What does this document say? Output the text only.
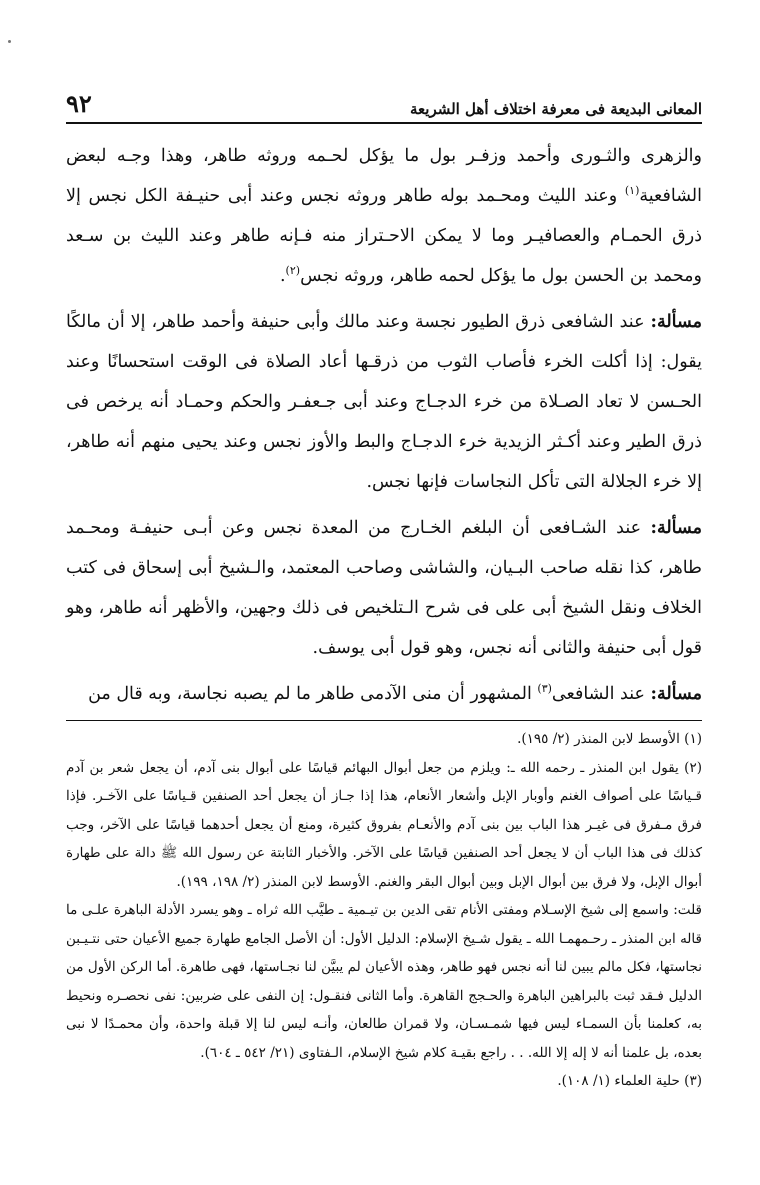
المعانى البديعة فى معرفة اختلاف أهل الشريعة
٩٢

والزهرى والثـورى وأحمد وزفـر بول ما يؤكل لحـمه وروثه طاهر، وهذا وجـه لبعض الشافعية$^{(١)}$ وعند الليث ومحـمد بوله طاهر وروثه نجس وعند أبى حنيـفة الكل نجس إلا ذرق الحمـام والعصافيـر وما لا يمكن الاحـتراز منه فـإنه طاهر وعند الليث بن سـعد ومحمد بن الحسن بول ما يؤكل لحمه طاهر، وروثه نجس$^{(٢)}$.

مسألة: عند الشافعى ذرق الطيور نجسة وعند مالك وأبى حنيفة وأحمد طاهر، إلا أن مالكًا يقول: إذا أكلت الخرء فأصاب الثوب من ذرقـها أعاد الصلاة فى الوقت استحسانًا وعند الحـسن لا تعاد الصـلاة من خرء الدجـاج وعند أبى جـعفـر والحكم وحمـاد أنه يرخص فى ذرق الطير وعند أكـثر الزيدية خرء الدجـاج والبط والأوز نجس وعند يحيى منهم أنه طاهر، إلا خرء الجلالة التى تأكل النجاسات فإنها نجس.

مسألة: عند الشـافعى أن البلغم الخـارج من المعدة نجس وعن أبـى حنيفـة ومحـمد طاهر، كذا نقله صاحب البـيان، والشاشى وصاحب المعتمد، والـشيخ أبى إسحاق فى كتب الخلاف ونقل الشيخ أبى على فى شرح الـتلخيص فى ذلك وجهين، والأظهر أنه طاهر، وهو قول أبى حنيفة والثانى أنه نجس، وهو قول أبى يوسف.

مسألة: عند الشافعى$^{(٣)}$ المشهور أن منى الآدمى طاهر ما لم يصبه نجاسة، وبه قال من

(١) الأوسط لابن المنذر (٢/ ١٩٥).

(٢) يقول ابن المنذر ـ رحمه الله ـ: ويلزم من جعل أبوال البهائم قياسًا على أبوال بنى آدم، أن يجعل شعر بن آدم قـياسًا على أصواف الغنم وأوبار الإبل وأشعار الأنعام، هذا إذا جـاز أن يجعل أحد الصنفين قـياسًا على الآخـر. فإذا فرق مـفرق فى غيـر هذا الباب بين بنى آدم والأنعـام بفروق كثيرة، ومنع أن يجعل أحدهما قياسًا على الآخر، وجب كذلك فى هذا الباب أن لا يجعل أحد الصنفين قياسًا على الآخر. والأخبار الثابتة عن رسول الله ﷺ دالة على طهارة أبوال الإبل، ولا فرق بين أبوال الإبل وبين أبوال البقر والغنم. الأوسط لابن المنذر (٢/ ١٩٨، ١٩٩).

قلت: واسمع إلى شيخ الإسـلام ومفتى الأنام تقى الدين بن تيـمية ـ طيَّب الله ثراه ـ وهو يسرد الأدلة الباهرة علـى ما قاله ابن المنذر ـ رحـمهمـا الله ـ يقول شـيخ الإسلام: الدليل الأول: أن الأصل الجامع طهارة جميع الأعيان حتى نتـيـبن نجاستها، فكل مالم يبين لنا أنه نجس فهو طاهر، وهذه الأعيان لم يبيَّن لنا نجـاستها، فهى طاهرة. أما الركن الأول من الدليل فـقد ثبت بالبراهين الباهرة والحـجج القاهرة. وأما الثانى فنقـول: إن النفى على ضربين: نفى نحصـره ونحيط به، كعلمنا بأن السمـاء ليس فيها شمـسـان، ولا قمران طالعان، وأنـه ليس لنا إلا قبلة واحدة، وأن محمـدًا لا نبى بعده، بل علمنا أنه لا إله إلا الله. . . راجع بقيـة كلام شيخ الإسلام، الـفتاوى (٢١/ ٥٤٢ ـ ٦٠٤).

(٣) حلية العلماء (١/ ١٠٨).
